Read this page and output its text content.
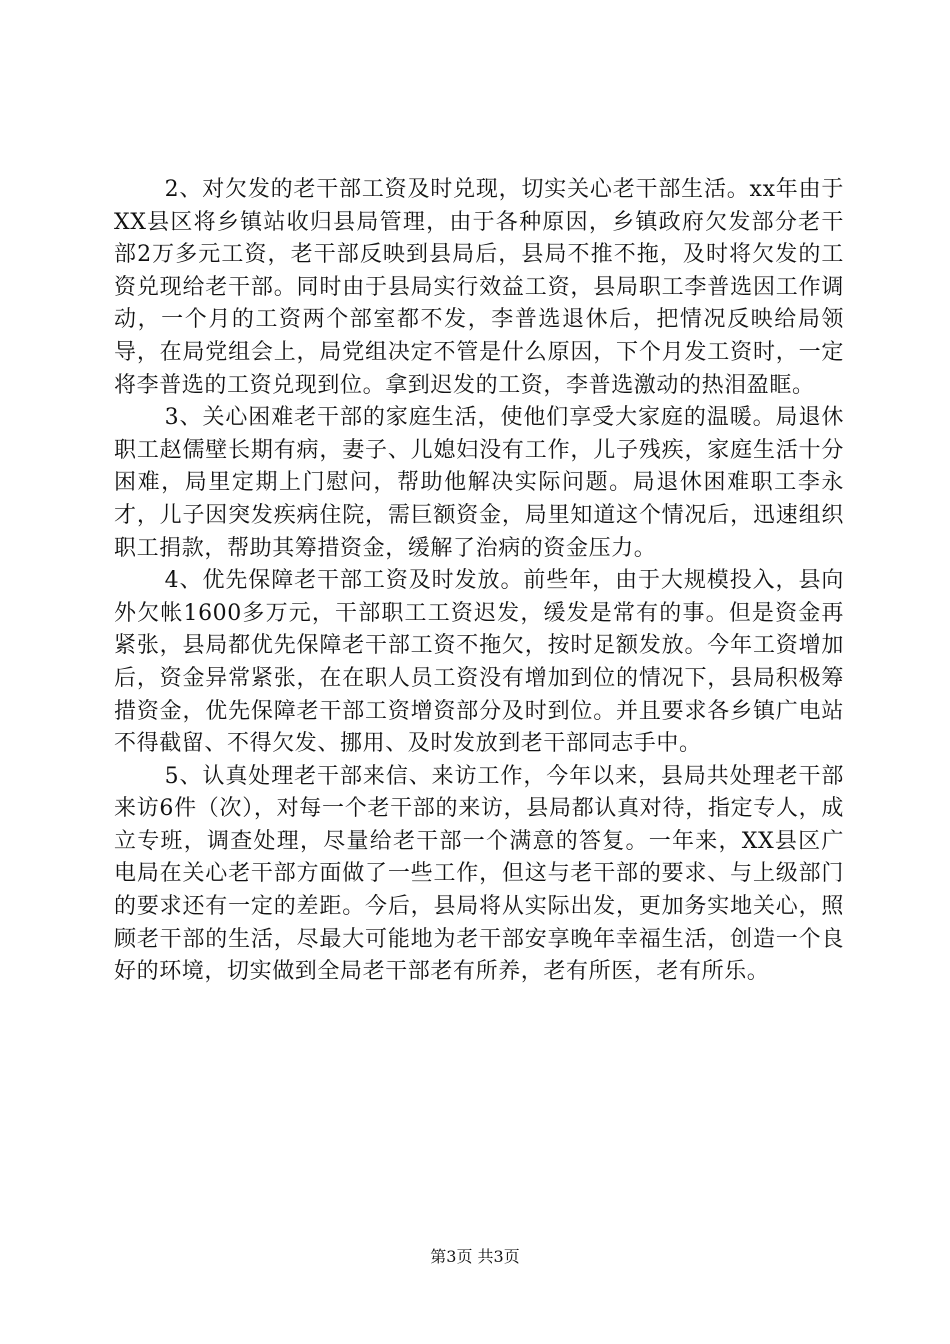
2、对欠发的老干部工资及时兑现，切实关心老干部生活。xx年由于XX县区将乡镇站收归县局管理，由于各种原因，乡镇政府欠发部分老干部2万多元工资，老干部反映到县局后，县局不推不拖，及时将欠发的工资兑现给老干部。同时由于县局实行效益工资，县局职工李普选因工作调动，一个月的工资两个部室都不发，李普选退休后，把情况反映给局领导，在局党组会上，局党组决定不管是什么原因，下个月发工资时，一定将李普选的工资兑现到位。拿到迟发的工资，李普选激动的热泪盈眶。

3、关心困难老干部的家庭生活，使他们享受大家庭的温暖。局退休职工赵儒壁长期有病，妻子、儿媳妇没有工作，儿子残疾，家庭生活十分困难，局里定期上门慰问，帮助他解决实际问题。局退休困难职工李永才，儿子因突发疾病住院，需巨额资金，局里知道这个情况后，迅速组织职工捐款，帮助其筹措资金，缓解了治病的资金压力。

4、优先保障老干部工资及时发放。前些年，由于大规模投入，县向外欠帐1600多万元，干部职工工资迟发，缓发是常有的事。但是资金再紧张，县局都优先保障老干部工资不拖欠，按时足额发放。今年工资增加后，资金异常紧张，在在职人员工资没有增加到位的情况下，县局积极筹措资金，优先保障老干部工资增资部分及时到位。并且要求各乡镇广电站不得截留、不得欠发、挪用、及时发放到老干部同志手中。

5、认真处理老干部来信、来访工作，今年以来，县局共处理老干部来访6件（次），对每一个老干部的来访，县局都认真对待，指定专人，成立专班，调查处理，尽量给老干部一个满意的答复。一年来，XX县区广电局在关心老干部方面做了一些工作，但这与老干部的要求、与上级部门的要求还有一定的差距。今后，县局将从实际出发，更加务实地关心，照顾老干部的生活，尽最大可能地为老干部安享晚年幸福生活，创造一个良好的环境，切实做到全局老干部老有所养，老有所医，老有所乐。

第3页 共3页
